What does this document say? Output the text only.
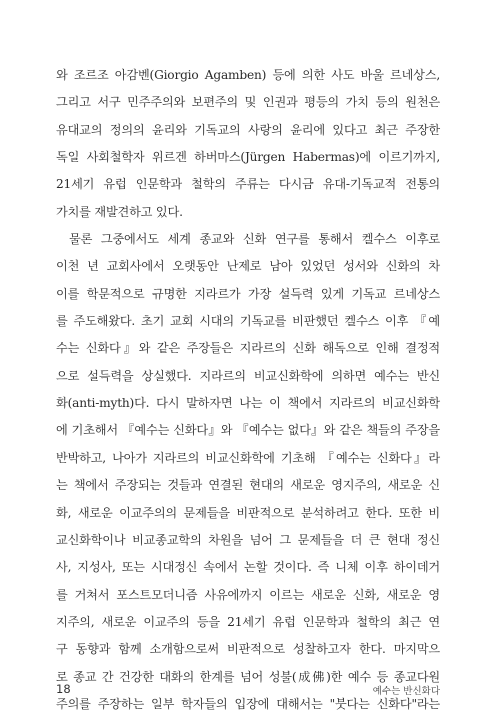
와 조르조 아감벤(Giorgio Agamben) 등에 의한 사도 바울 르네상스,
그리고 서구 민주주의와 보편주의 및 인권과 평등의 가치 등의 원천은
유대교의 정의의 윤리와 기독교의 사랑의 윤리에 있다고 최근 주장한
독일 사회철학자 위르겐 하버마스(Jürgen Habermas)에 이르기까지,
21세기 유럽 인문학과 철학의 주류는 다시금 유대-기독교적 전통의
가치를 재발견하고 있다.
물론 그중에서도 세계 종교와 신화 연구를 통해서 켈수스 이후로
이천 년 교회사에서 오랫동안 난제로 남아 있었던 성서와 신화의 차
이를 학문적으로 규명한 지라르가 가장 설득력 있게 기독교 르네상스
를 주도해왔다. 초기 교회 시대의 기독교를 비판했던 켈수스 이후 『예
수는 신화다』와 같은 주장들은 지라르의 신화 해독으로 인해 결정적
으로 설득력을 상실했다. 지라르의 비교신화학에 의하면 예수는 반신
화(anti-myth)다. 다시 말하자면 나는 이 책에서 지라르의 비교신화학
에 기초해서 『예수는 신화다』와 『예수는 없다』와 같은 책들의 주장을
반박하고, 나아가 지라르의 비교신화학에 기초해 『예수는 신화다』라
는 책에서 주장되는 것들과 연결된 현대의 새로운 영지주의, 새로운 신
화, 새로운 이교주의의 문제들을 비판적으로 분석하려고 한다. 또한 비
교신화학이나 비교종교학의 차원을 넘어 그 문제들을 더 큰 현대 정신
사, 지성사, 또는 시대정신 속에서 논할 것이다. 즉 니체 이후 하이데거
를 거쳐서 포스트모더니즘 사유에까지 이르는 새로운 신화, 새로운 영
지주의, 새로운 이교주의 등을 21세기 유럽 인문학과 철학의 최근 연
구 동향과 함께 소개함으로써 비판적으로 성찰하고자 한다. 마지막으
로 종교 간 건강한 대화의 한계를 넘어 성불(成佛)한 예수 등 종교다원
주의를 주장하는 일부 학자들의 입장에 대해서는 "붓다는 신화다"라는
18	예수는 반신화다
